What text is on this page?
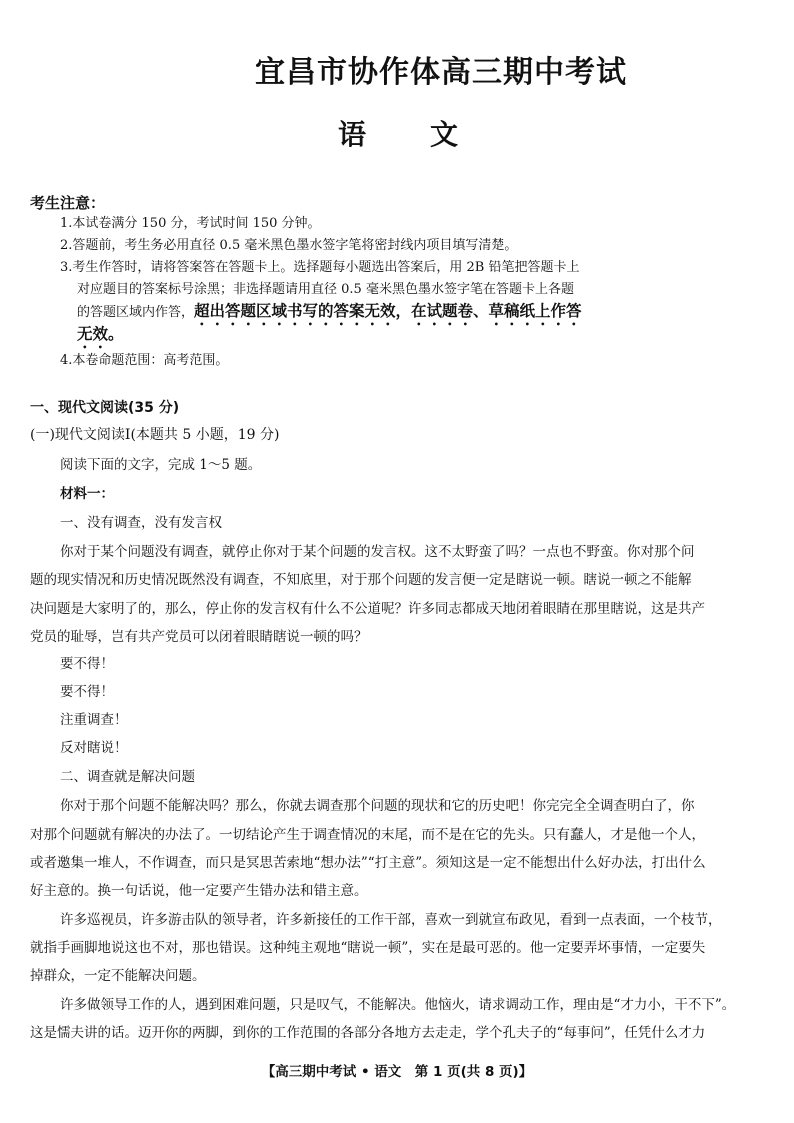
宜昌市协作体高三期中考试
语文
考生注意：
1.本试卷满分 150 分，考试时间 150 分钟。
2.答题前，考生务必用直径 0.5 毫米黑色墨水签字笔将密封线内项目填写清楚。
3.考生作答时，请将答案答在答题卡上。选择题每小题选出答案后，用 2B 铅笔把答题卡上
对应题目的答案标号涂黑；非选择题请用直径 0.5 毫米黑色墨水签字笔在答题卡上各题
的答题区域内作答，超出答题区域书写的答案无效，在试题卷、草稿纸上作答
无效。
4.本卷命题范围：高考范围。
一、现代文阅读(35 分)
(一)现代文阅读Ⅰ(本题共 5 小题，19 分)
阅读下面的文字，完成 1～5 题。
材料一：
一、没有调查，没有发言权
你对于某个问题没有调查，就停止你对于某个问题的发言权。这不太野蛮了吗？一点也不野蛮。你对那个问
题的现实情况和历史情况既然没有调查，不知底里，对于那个问题的发言便一定是瞎说一顿。瞎说一顿之不能解
决问题是大家明了的，那么，停止你的发言权有什么不公道呢？许多同志都成天地闭着眼睛在那里瞎说，这是共产
党员的耻辱，岂有共产党员可以闭着眼睛瞎说一顿的吗？
要不得！
要不得！
注重调查！
反对瞎说！
二、调查就是解决问题
你对于那个问题不能解决吗？那么，你就去调查那个问题的现状和它的历史吧！你完完全全调查明白了，你
对那个问题就有解决的办法了。一切结论产生于调查情况的末尾，而不是在它的先头。只有蠢人，才是他一个人，
或者邀集一堆人，不作调查，而只是冥思苦索地“想办法”“打主意”。须知这是一定不能想出什么好办法，打出什么
好主意的。换一句话说，他一定要产生错办法和错主意。
许多巡视员，许多游击队的领导者，许多新接任的工作干部，喜欢一到就宣布政见，看到一点表面，一个枝节，
就指手画脚地说这也不对，那也错误。这种纯主观地“瞎说一顿”，实在是最可恶的。他一定要弄坏事情，一定要失
掉群众，一定不能解决问题。
许多做领导工作的人，遇到困难问题，只是叹气，不能解决。他恼火，请求调动工作，理由是“才力小，干不下”。
这是懦夫讲的话。迈开你的两脚，到你的工作范围的各部分各地方去走走，学个孔夫子的“每事问”，任凭什么才力
【高三期中考试 • 语文　第 1 页(共 8 页)】
